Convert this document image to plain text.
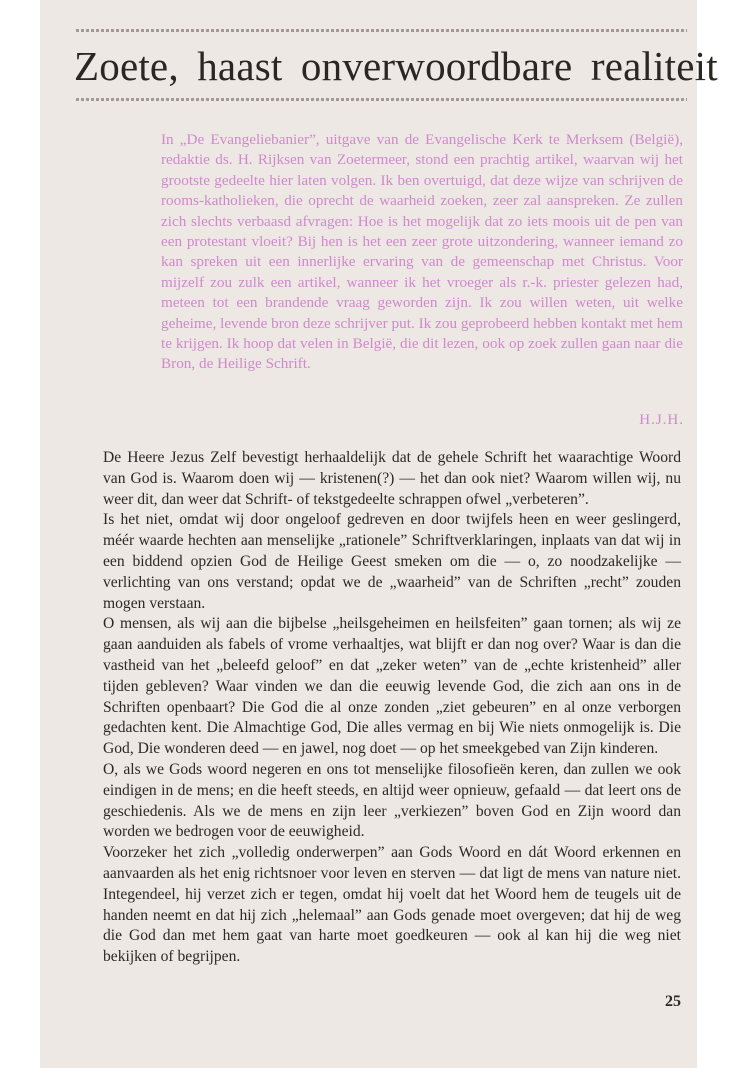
Zoete, haast onverwoordbare realiteit

In „De Evangeliebanier”, uitgave van de Evangelische Kerk te Merksem (België), redaktie ds. H. Rijksen van Zoetermeer, stond een prachtig artikel, waarvan wij het grootste gedeelte hier laten volgen. Ik ben overtuigd, dat deze wijze van schrijven de rooms-katholieken, die oprecht de waarheid zoeken, zeer zal aanspreken. Ze zullen zich slechts verbaasd afvragen: Hoe is het mogelijk dat zo iets moois uit de pen van een protestant vloeit? Bij hen is het een zeer grote uitzondering, wanneer iemand zo kan spreken uit een innerlijke ervaring van de gemeenschap met Christus. Voor mijzelf zou zulk een artikel, wanneer ik het vroeger als r.-k. priester gelezen had, meteen tot een brandende vraag geworden zijn. Ik zou willen weten, uit welke geheime, levende bron deze schrijver put. Ik zou geprobeerd hebben kontakt met hem te krijgen. Ik hoop dat velen in België, die dit lezen, ook op zoek zullen gaan naar die Bron, de Heilige Schrift.

H.J.H.

De Heere Jezus Zelf bevestigt herhaaldelijk dat de gehele Schrift het waarachtige Woord van God is. Waarom doen wij — kristenen(?) — het dan ook niet? Waarom willen wij, nu weer dit, dan weer dat Schrift- of tekstgedeelte schrappen ofwel „verbeteren”.

Is het niet, omdat wij door ongeloof gedreven en door twijfels heen en weer geslingerd, méér waarde hechten aan menselijke „rationele” Schriftverklaringen, inplaats van dat wij in een biddend opzien God de Heilige Geest smeken om die — o, zo noodzakelijke — verlichting van ons verstand; opdat we de „waarheid” van de Schriften „recht” zouden mogen verstaan.

O mensen, als wij aan die bijbelse „heilsgeheimen en heilsfeiten” gaan tornen; als wij ze gaan aanduiden als fabels of vrome verhaaltjes, wat blijft er dan nog over? Waar is dan die vastheid van het „beleefd geloof” en dat „zeker weten” van de „echte kristenheid” aller tijden gebleven? Waar vinden we dan die eeuwig levende God, die zich aan ons in de Schriften openbaart? Die God die al onze zonden „ziet gebeuren” en al onze verborgen gedachten kent. Die Almachtige God, Die alles vermag en bij Wie niets onmogelijk is. Die God, Die wonderen deed — en jawel, nog doet — op het smeekgebed van Zijn kinderen.

O, als we Gods woord negeren en ons tot menselijke filosofieën keren, dan zullen we ook eindigen in de mens; en die heeft steeds, en altijd weer opnieuw, gefaald — dat leert ons de geschiedenis. Als we de mens en zijn leer „verkiezen” boven God en Zijn woord dan worden we bedrogen voor de eeuwigheid.

Voorzeker het zich „volledig onderwerpen” aan Gods Woord en dát Woord erkennen en aanvaarden als het enig richtsnoer voor leven en sterven — dat ligt de mens van nature niet. Integendeel, hij verzet zich er tegen, omdat hij voelt dat het Woord hem de teugels uit de handen neemt en dat hij zich „helemaal” aan Gods genade moet overgeven; dat hij de weg die God dan met hem gaat van harte moet goedkeuren — ook al kan hij die weg niet bekijken of begrijpen.

25
